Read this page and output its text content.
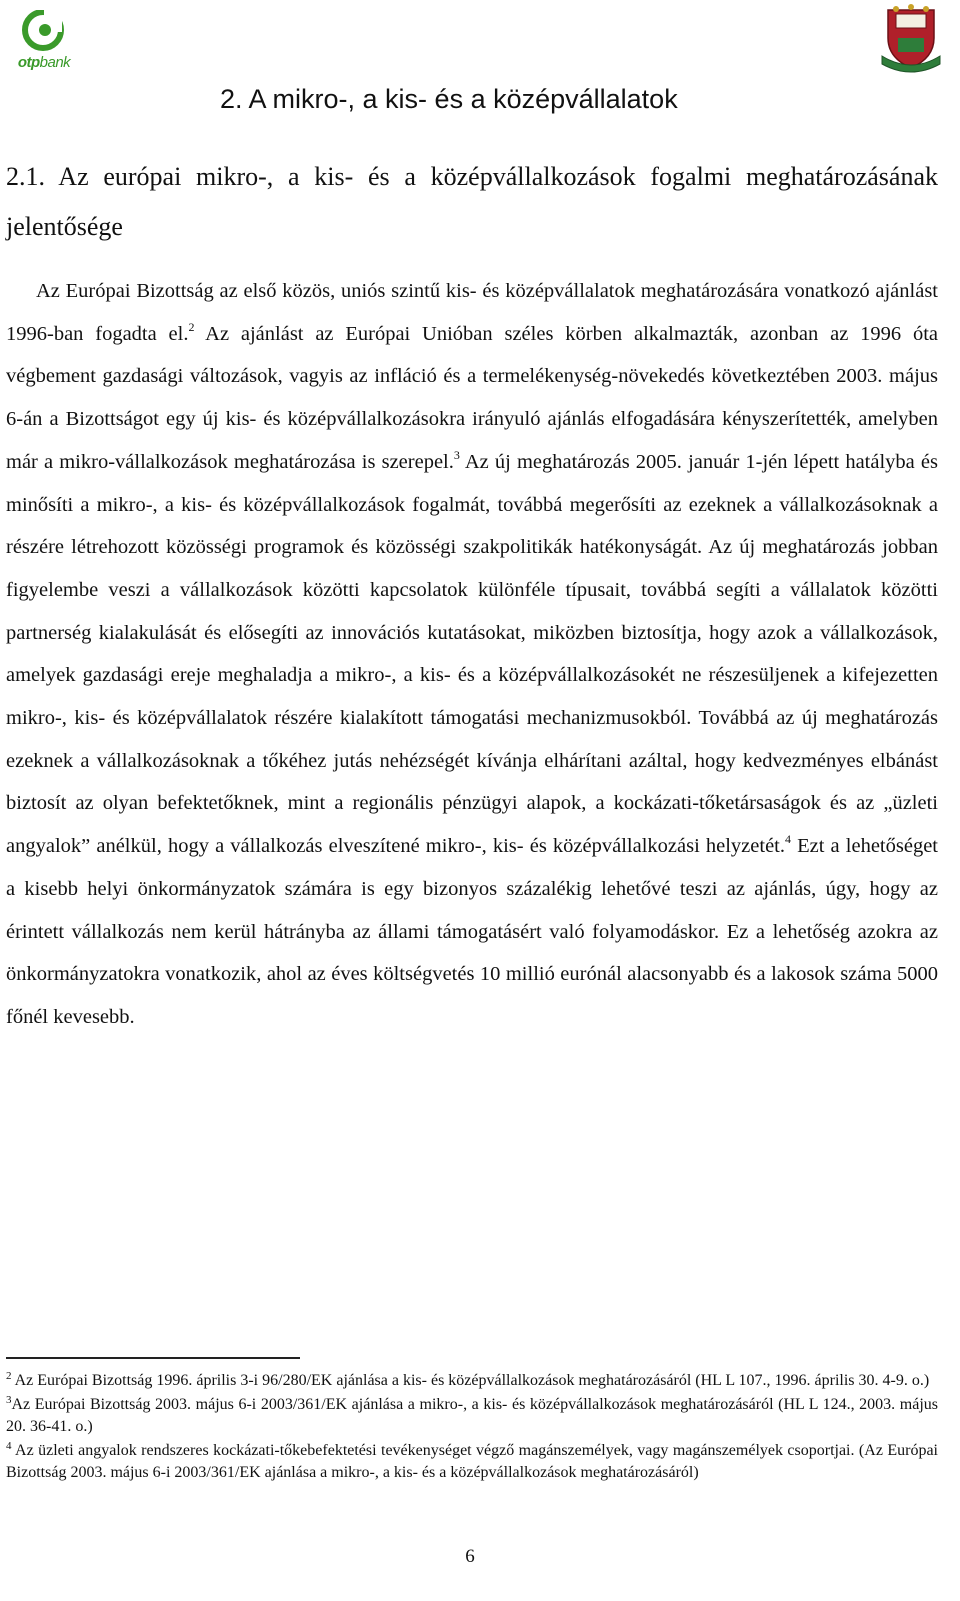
otpbank
2. A mikro-, a kis- és a középvállalatok
2.1. Az európai mikro-, a kis- és a középvállalkozások fogalmi meghatározásának jelentősége

Az Európai Bizottság az első közös, uniós szintű kis- és középvállalatok meghatározására vonatkozó ajánlást 1996-ban fogadta el.$^2$ Az ajánlást az Európai Unióban széles körben alkalmazták, azonban az 1996 óta végbement gazdasági változások, vagyis az infláció és a termelékenység-növekedés következtében 2003. május 6-án a Bizottságot egy új kis- és középvállalkozásokra irányuló ajánlás elfogadására kényszerítették, amelyben már a mikro-vállalkozások meghatározása is szerepel.$^3$ Az új meghatározás 2005. január 1-jén lépett hatályba és minősíti a mikro-, a kis- és középvállalkozások fogalmát, továbbá megerősíti az ezeknek a vállalkozásoknak a részére létrehozott közösségi programok és közösségi szakpolitikák hatékonyságát. Az új meghatározás jobban figyelembe veszi a vállalkozások közötti kapcsolatok különféle típusait, továbbá segíti a vállalatok közötti partnerség kialakulását és elősegíti az innovációs kutatásokat, miközben biztosítja, hogy azok a vállalkozások, amelyek gazdasági ereje meghaladja a mikro-, a kis- és a középvállalkozásokét ne részesüljenek a kifejezetten mikro-, kis- és középvállalatok részére kialakított támogatási mechanizmusokból. Továbbá az új meghatározás ezeknek a vállalkozásoknak a tőkéhez jutás nehézségét kívánja elhárítani azáltal, hogy kedvezményes elbánást biztosít az olyan befektetőknek, mint a regionális pénzügyi alapok, a kockázati-tőketársaságok és az „üzleti angyalok” anélkül, hogy a vállalkozás elveszítené mikro-, kis- és középvállalkozási helyzetét.$^4$ Ezt a lehetőséget a kisebb helyi önkormányzatok számára is egy bizonyos százalékig lehetővé teszi az ajánlás, úgy, hogy az érintett vállalkozás nem kerül hátrányba az állami támogatásért való folyamodáskor. Ez a lehetőség azokra az önkormányzatokra vonatkozik, ahol az éves költségvetés 10 millió eurónál alacsonyabb és a lakosok száma 5000 főnél kevesebb.

$^2$ Az Európai Bizottság 1996. április 3-i 96/280/EK ajánlása a kis- és középvállalkozások meghatározásáról (HL L 107., 1996. április 30. 4-9. o.)

$^3$Az Európai Bizottság 2003. május 6-i 2003/361/EK ajánlása a mikro-, a kis- és középvállalkozások meghatározásáról (HL L 124., 2003. május 20. 36-41. o.)

$^4$ Az üzleti angyalok rendszeres kockázati-tőkebefektetési tevékenységet végző magánszemélyek, vagy magánszemélyek csoportjai. (Az Európai Bizottság 2003. május 6-i 2003/361/EK ajánlása a mikro-, a kis- és a középvállalkozások meghatározásáról)

6
